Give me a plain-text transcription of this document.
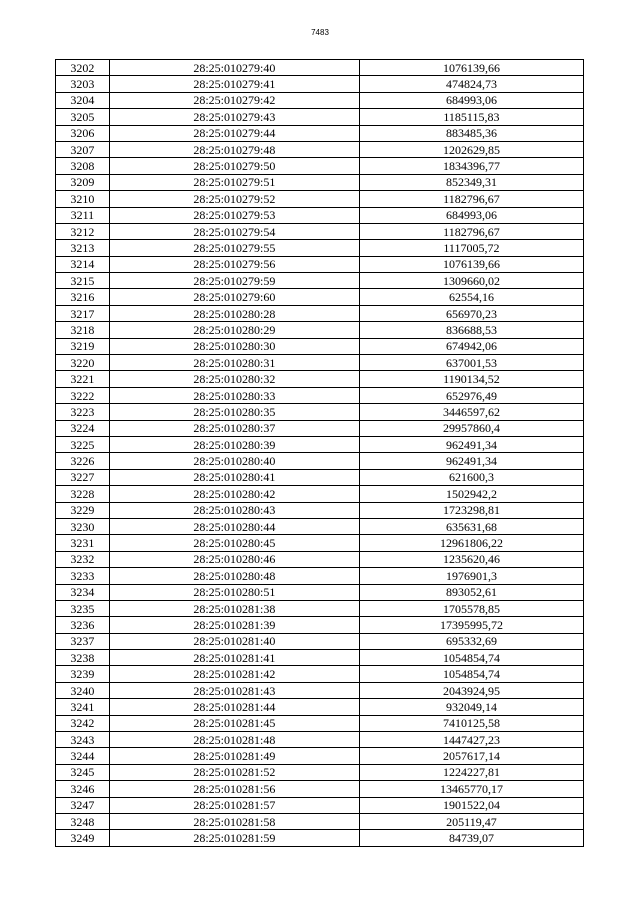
7483
3202	28:25:010279:40	1076139,66
3203	28:25:010279:41	474824,73
3204	28:25:010279:42	684993,06
3205	28:25:010279:43	1185115,83
3206	28:25:010279:44	883485,36
3207	28:25:010279:48	1202629,85
3208	28:25:010279:50	1834396,77
3209	28:25:010279:51	852349,31
3210	28:25:010279:52	1182796,67
3211	28:25:010279:53	684993,06
3212	28:25:010279:54	1182796,67
3213	28:25:010279:55	1117005,72
3214	28:25:010279:56	1076139,66
3215	28:25:010279:59	1309660,02
3216	28:25:010279:60	62554,16
3217	28:25:010280:28	656970,23
3218	28:25:010280:29	836688,53
3219	28:25:010280:30	674942,06
3220	28:25:010280:31	637001,53
3221	28:25:010280:32	1190134,52
3222	28:25:010280:33	652976,49
3223	28:25:010280:35	3446597,62
3224	28:25:010280:37	29957860,4
3225	28:25:010280:39	962491,34
3226	28:25:010280:40	962491,34
3227	28:25:010280:41	621600,3
3228	28:25:010280:42	1502942,2
3229	28:25:010280:43	1723298,81
3230	28:25:010280:44	635631,68
3231	28:25:010280:45	12961806,22
3232	28:25:010280:46	1235620,46
3233	28:25:010280:48	1976901,3
3234	28:25:010280:51	893052,61
3235	28:25:010281:38	1705578,85
3236	28:25:010281:39	17395995,72
3237	28:25:010281:40	695332,69
3238	28:25:010281:41	1054854,74
3239	28:25:010281:42	1054854,74
3240	28:25:010281:43	2043924,95
3241	28:25:010281:44	932049,14
3242	28:25:010281:45	7410125,58
3243	28:25:010281:48	1447427,23
3244	28:25:010281:49	2057617,14
3245	28:25:010281:52	1224227,81
3246	28:25:010281:56	13465770,17
3247	28:25:010281:57	1901522,04
3248	28:25:010281:58	205119,47
3249	28:25:010281:59	84739,07
